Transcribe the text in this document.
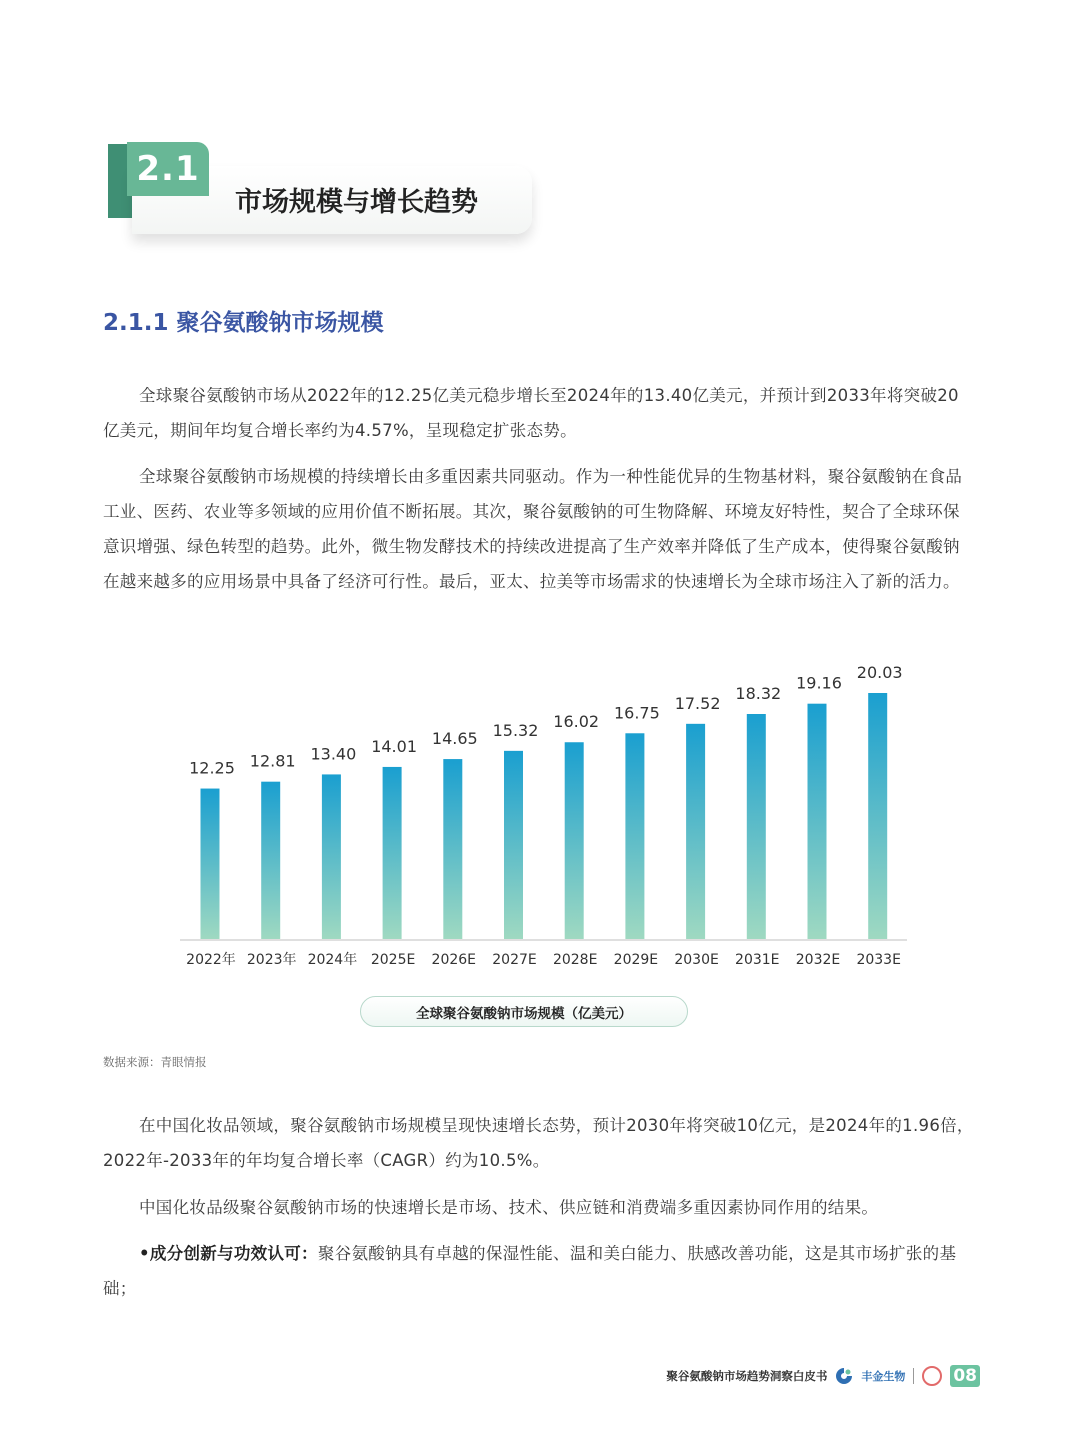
2.1
市场规模与增长趋势
2.1.1 聚谷氨酸钠市场规模

全球聚谷氨酸钠市场从2022年的12.25亿美元稳步增长至2024年的13.40亿美元，并预计到2033年将突破20亿美元，期间年均复合增长率约为4.57%，呈现稳定扩张态势。

全球聚谷氨酸钠市场规模的持续增长由多重因素共同驱动。作为一种性能优异的生物基材料，聚谷氨酸钠在食品工业、医药、农业等多领域的应用价值不断拓展。其次，聚谷氨酸钠的可生物降解、环境友好特性，契合了全球环保意识增强、绿色转型的趋势。此外，微生物发酵技术的持续改进提高了生产效率并降低了生产成本，使得聚谷氨酸钠在越来越多的应用场景中具备了经济可行性。最后，亚太、拉美等市场需求的快速增长为全球市场注入了新的活力。

12.25 12.81 13.40 14.01 14.65 15.32 16.02 16.75 17.52
18.32
19.16
20.03
2022年 2023年 2024年 2025E 2026E 2027E 2028E 2029E 2030E 2031E 2032E 2033E
全球聚谷氨酸钠市场规模（亿美元）
数据来源：青眼情报

在中国化妆品领域，聚谷氨酸钠市场规模呈现快速增长态势，预计2030年将突破10亿元，是2024年的1.96倍，2022年-2033年的年均复合增长率（CAGR）约为10.5%。

中国化妆品级聚谷氨酸钠市场的快速增长是市场、技术、供应链和消费端多重因素协同作用的结果。

•成分创新与功效认可：聚谷氨酸钠具有卓越的保湿性能、温和美白能力、肤感改善功能，这是其市场扩张的基础；

聚谷氨酸钠市场趋势洞察白皮书	丰金生物	08
